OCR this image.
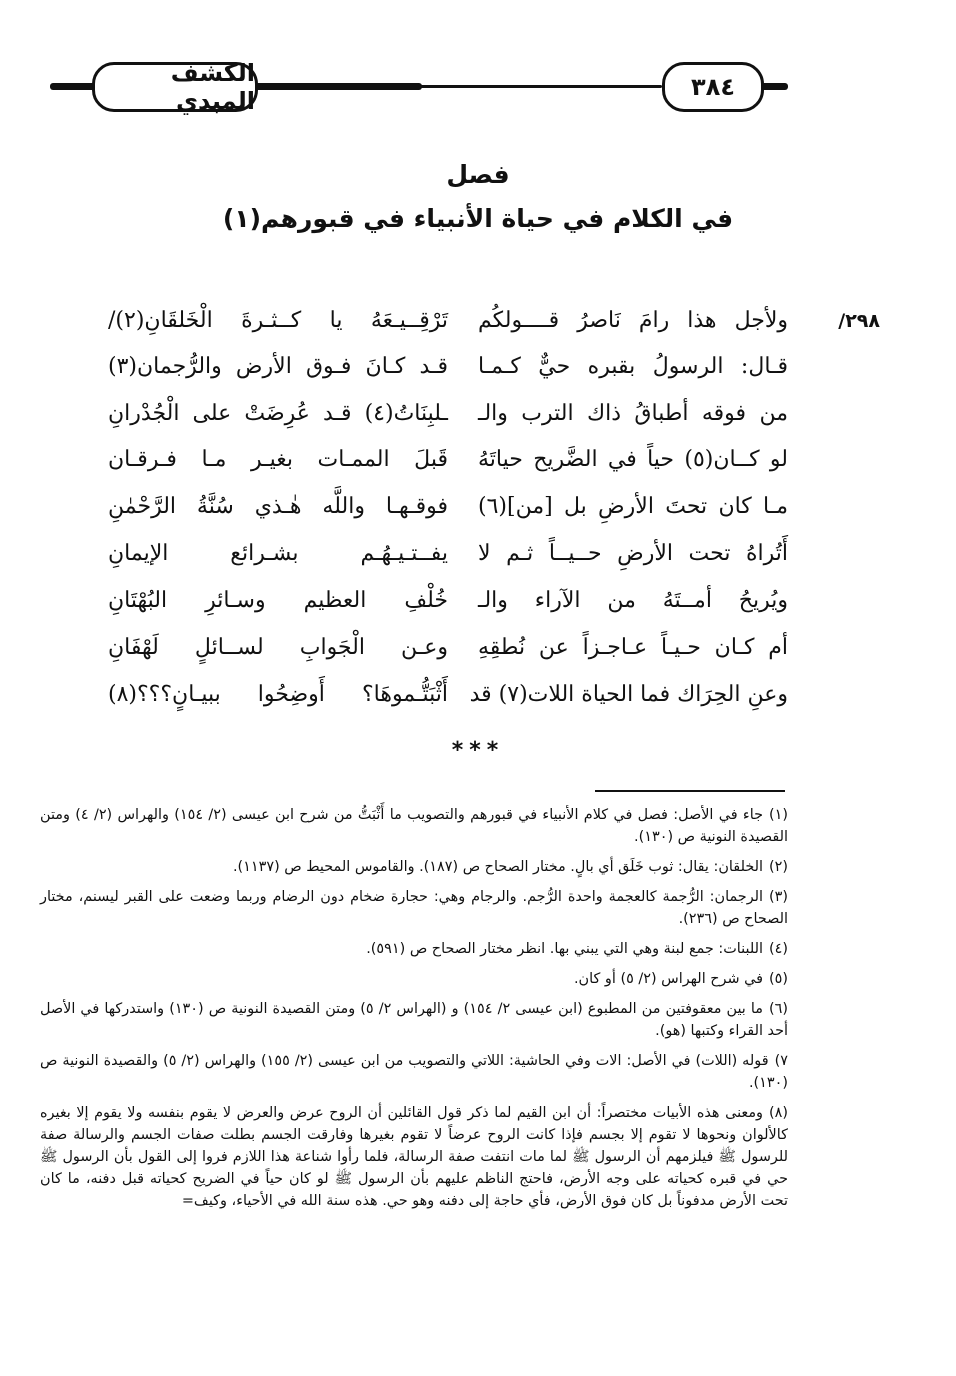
الكشف المبدي	٣٨٤
فصل
في الكلام في حياة الأنبياء في قبورهم(١)
٢٩٨/
ولأجل هذا رامَ نَاصرُ قــــولكُم
تَرْقِــيـعَهُ يا كــثـرةَ الْخَلقَانِ(٢)/
قـال: الرسولُ بقبره حيٌّ كـمـا
قـد كـانَ فـوق الأرض والرُّجمان(٣)
من فوقه أطباقُ ذاك الترب والـ
ـلبِنَاتُ(٤) قـد عُرِضَتْ على الْجُدْرانِ
لو كــان(٥) حياً في الضَّريح حياتَهُ
قَبلَ الممـات بغيـر مـا فـرقـان
مـا كان تحتَ الأرضِ بل [من](٦)
فوقـهـا واللَّه هٰـذي سُنَّةُ الرَّحْمٰنِ
أَتُراهُ تحت الأرضِ حــيــاً ثـم لا
يفــتـيـهُـم بشـرائع الإيمانِ
ويُريحُ أمــتَهُ من الآراء والـ
خُلْفِ العظيم وسـائرِ البُهْتَانِ
أم كـان حـيـاً عـاجـزاً عن نُطقِهِ
وعـن الْجَوابِ لســائلٍ لَهْفَانِ
وعنِ الحِرَاك فما الحياة اللات(٧) قد
أَثْبَتُّـموهَا؟ أَوضِحُوا ببيـانٍ؟؟؟(٨)
***
(١)جاء في الأصل: فصل في كلام الأنبياء في قبورهم والتصويب ما أَثْبَتُّ من شرح ابن عيسى (٢/ ١٥٤) والهراس (٢/ ٤) ومتن القصيدة النونية ص (١٣٠).
(٢)الخلقان: يقال: ثوب خَلَق أي بالٍ. مختار الصحاح ص (١٨٧). والقاموس المحيط ص (١١٣٧).
(٣)الرجمان: الرُّجمة كالعجمة واحدة الرُّجم. والرجام وهي: حجارة ضخام دون الرضام وربما وضعت على القبر ليسنم، مختار الصحاح ص (٢٣٦).
(٤)اللبنات: جمع لبنة وهي التي يبني بها. انظر مختار الصحاح ص (٥٩١).
(٥)في شرح الهراس (٢/ ٥) أو كان.
(٦)ما بين معقوفتين من المطبوع (ابن عيسى ٢/ ١٥٤) و (الهراس ٢/ ٥) ومتن القصيدة النونية ص (١٣٠) واستدركها في الأصل أحد القراء وكتبها (هو).
٧)قوله (اللات) في الأصل: الات وفي الحاشية: اللاتي والتصويب من ابن عيسى (٢/ ١٥٥) والهراس (٢/ ٥) والقصيدة النونية ص (١٣٠).
(٨)ومعنى هذه الأبيات مختصراً: أن ابن القيم لما ذكر قول القائلين أن الروح عرض والعرض لا يقوم بنفسه ولا يقوم إلا بغيره كالألوان ونحوها لا تقوم إلا بجسم فإذا كانت الروح عرضاً لا تقوم بغيرها وفارقت الجسم بطلت صفات الجسم والرسالة صفة للرسول ﷺ فيلزمهم أن الرسول ﷺ لما مات انتفت صفة الرسالة، فلما رأوا شناعة هذا اللازم فروا إلى القول بأن الرسول ﷺ حي في قبره كحياته على وجه الأرض، فاحتج الناظم عليهم بأن الرسول ﷺ لو كان حياً في الضريح كحياته قبل دفنه، ما كان تحت الأرض مدفوناً بل كان فوق الأرض، فأي حاجة إلى دفنه وهو حي. هذه سنة الله في الأحياء، وكيف=
